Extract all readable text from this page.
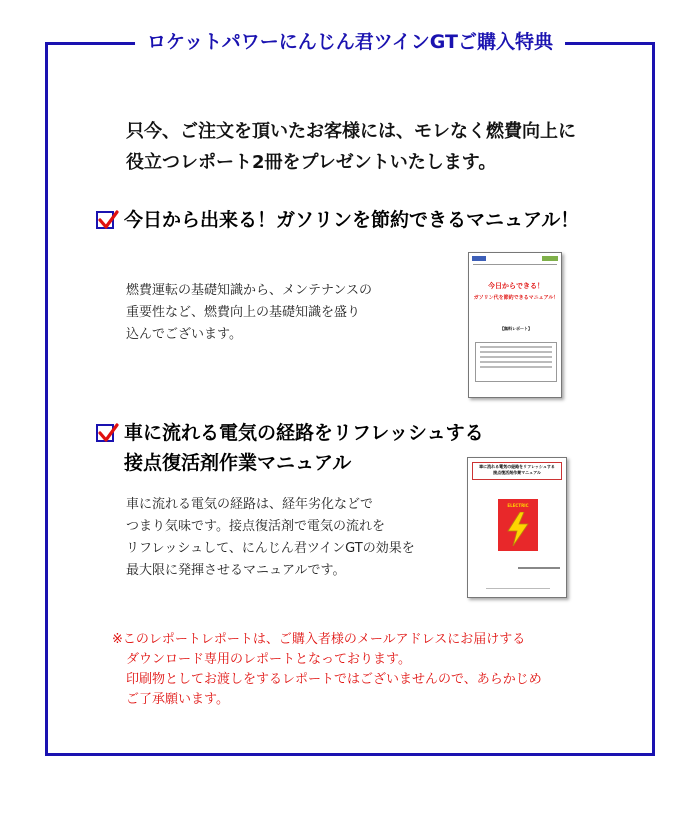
ロケットパワーにんじん君ツインGTご購入特典
只今、ご注文を頂いたお客様には、モレなく燃費向上に
役立つレポート2冊をプレゼントいたします。
今日から出来る！ガソリンを節約できるマニュアル！
燃費運転の基礎知識から、メンテナンスの
重要性など、燃費向上の基礎知識を盛り
込んでございます。
今日からできる！
ガソリン代を節約できるマニュアル！
【無料レポート】
車に流れる電気の経路をリフレッシュする
接点復活剤作業マニュアル
車に流れる電気の経路は、経年劣化などで
つまり気味です。接点復活剤で電気の流れを
リフレッシュして、にんじん君ツインGTの効果を
最大限に発揮させるマニュアルです。
車に流れる電気の経路をリフレッシュする
接点復活剤作業マニュアル
ELECTRIC
※このレポートレポートは、ご購入者様のメールアドレスにお届けする
ダウンロード専用のレポートとなっております。
印刷物としてお渡しをするレポートではございませんので、あらかじめ
ご了承願います。
